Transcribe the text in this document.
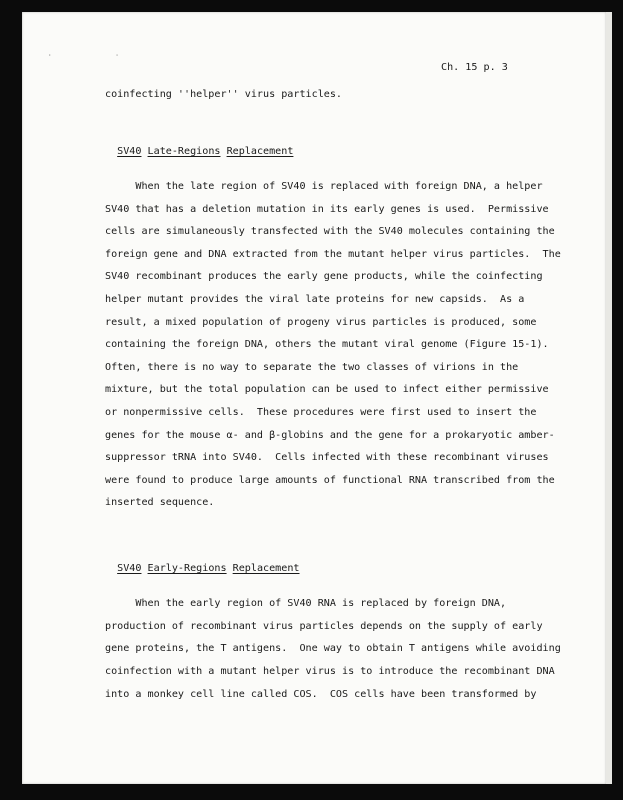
· ·
Ch. 15 p. 3
coinfecting ''helper'' virus particles.

SV40 Late-Regions Replacement

When the late region of SV40 is replaced with foreign DNA, a helper
SV40 that has a deletion mutation in its early genes is used.  Permissive
cells are simulaneously transfected with the SV40 molecules containing the
foreign gene and DNA extracted from the mutant helper virus particles.  The
SV40 recombinant produces the early gene products, while the coinfecting
helper mutant provides the viral late proteins for new capsids.  As a
result, a mixed population of progeny virus particles is produced, some
containing the foreign DNA, others the mutant viral genome (Figure 15-1).
Often, there is no way to separate the two classes of virions in the
mixture, but the total population can be used to infect either permissive
or nonpermissive cells.  These procedures were first used to insert the
genes for the mouse α- and β-globins and the gene for a prokaryotic amber-
suppressor tRNA into SV40.  Cells infected with these recombinant viruses
were found to produce large amounts of functional RNA transcribed from the
inserted sequence.

SV40 Early-Regions Replacement

When the early region of SV40 RNA is replaced by foreign DNA,
production of recombinant virus particles depends on the supply of early
gene proteins, the T antigens.  One way to obtain T antigens while avoiding
coinfection with a mutant helper virus is to introduce the recombinant DNA
into a monkey cell line called COS.  COS cells have been transformed by
